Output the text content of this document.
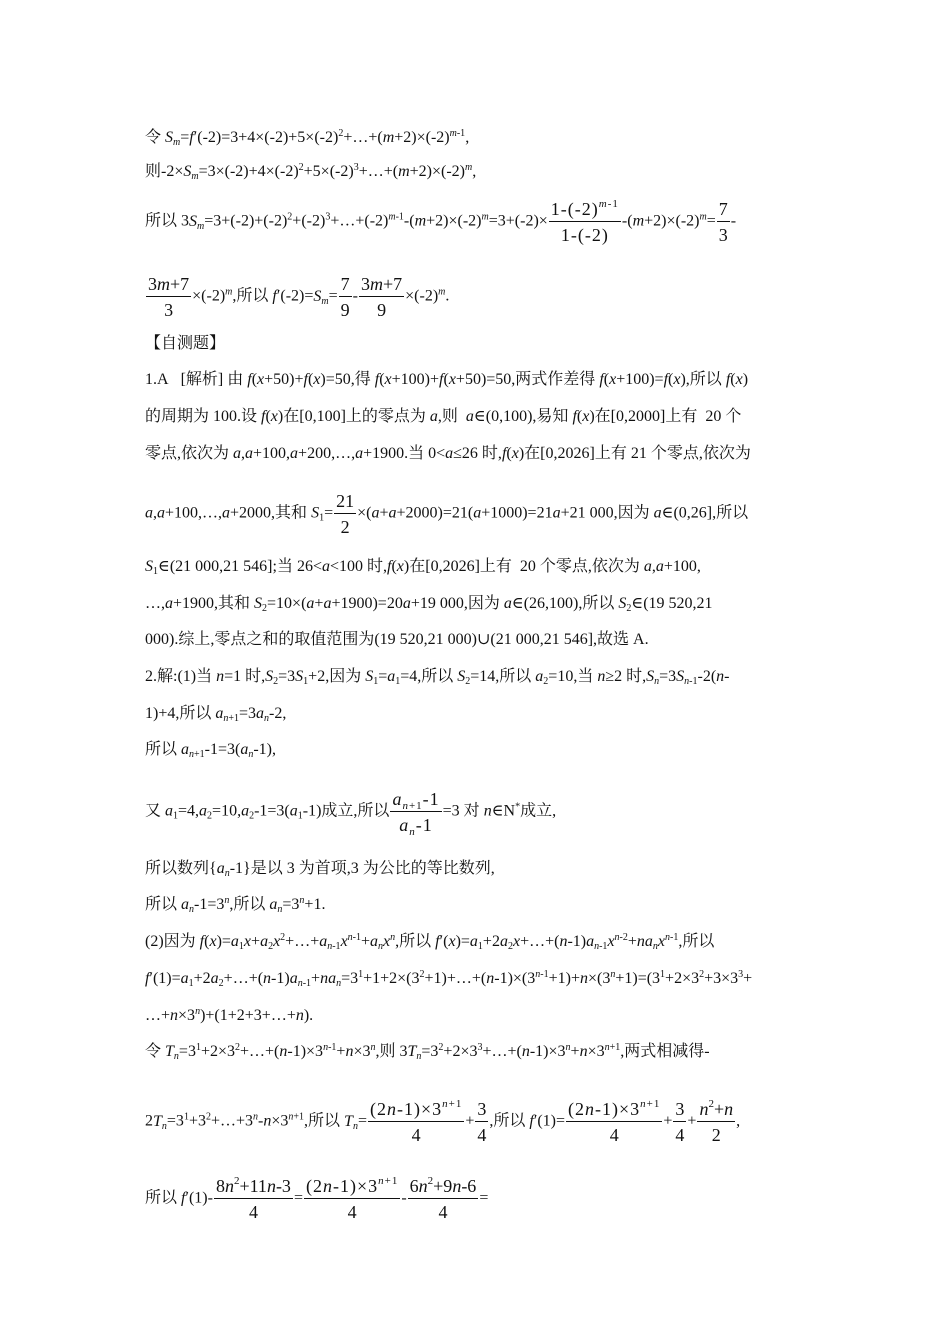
令 $S_m=f'(-2)=3+4\times(-2)+5\times(-2)^2+\dots+(m+2)\times(-2)^{m-1}$,
则$-2\times S_m=3\times(-2)+4\times(-2)^2+5\times(-2)^3+\dots+(m+2)\times(-2)^m$,
所以 $3S_m=3+(-2)+(-2)^2+(-2)^3+\dots+(-2)^{m-1}-(m+2)\times(-2)^m=3+(-2)\times \frac{1-(-2)^{m-1}}{1-(-2)} -(m+2)\times(-2)^m= \frac{7}{3}$ -
$\frac{3m+7}{3} \times(-2)^m$,所以 $f'(-2)=S_m= \frac{7}{9} - \frac{3m+7}{9} \times(-2)^m$.
【自测题】
1.A [解析] 由 f(x+50)+f(x)=50,得 f(x+100)+f(x+50)=50,两式作差得 f(x+100)=f(x),所以 f(x)
的周期为 100.设 f(x)在[0,100]上的零点为 a,则  a∈(0,100),易知 f(x)在[0,2000]上有  20 个
零点,依次为 a,a+100,a+200,…,a+1900.当 0<a≤26 时,f(x)在[0,2026]上有 21 个零点,依次为
a,a+100,…,a+2000,其和 $S_1= \frac{21}{2} \times(a+a+2000)=21(a+1000)=21a+21$ 000,因为 a∈(0,26],所以
$S_1\in(21$ 000,21 546];当 26<a<100 时,f(x)在[0,2026]上有  20 个零点,依次为 a,a+100,
…,a+1900,其和 $S_2=10\times(a+a+1900)=20a+19$ 000,因为 a∈(26,100),所以 $S_2\in(19$ 520,21
000).综上,零点之和的取值范围为(19 520,21 000)∪(21 000,21 546],故选 A.
2.解:(1)当 n=1 时$,S_2=3S_1+2$,因为 $S_1=a_1=4$,所以 $S_2=14$,所以 $a_2=10$,当 n≥2 时$,S_n=3S_{n-1}-2(n-$
1)+4,所以 $a_{n+1}=3a_n-2$,
所以 $a_{n+1}-1=3(a_n-1)$,
又 $a_1=4,a_2=10,a_2-1=3(a_1-1)$成立,所以 $\frac{a_{n+1}-1}{a_n-1} =3$ 对 n∈N*成立,
所以数列$\{a_n-1\}$是以 3 为首项,3 为公比的等比数列,
所以 $a_n-1=3^n$,所以 $a_n=3^n+1$.
(2)因为 $f(x)=a_1x+a_2x^2+\dots+a_{n-1}x^{n-1}+a_nx^n$,所以 $f'(x)=a_1+2a_2x+\dots+(n-1)a_{n-1}x^{n-2}+na_nx^{n-1}$,所以
$f'(1)=a_1+2a_2+\dots+(n-1)a_{n-1}+na_n=3^1+1+2\times(3^2+1)+\dots+(n-1)\times(3^{n-1}+1)+n\times(3^n+1)=(3^1+2\times 3^2+3\times 3^3+$
$\dots+n\times 3^n)+(1+2+3+\dots+n)$.
令 $T_n=3^1+2\times 3^2+\dots+(n-1)\times 3^{n-1}+n\times 3^n$,则 $3T_n=3^2+2\times 3^3+\dots+(n-1)\times 3^n+n\times 3^{n+1}$,两式相减得-
$2T_n=3^1+3^2+\dots+3^n-n\times 3^{n+1}$,所以 $T_n= \frac{(2n-1)\times 3^{n+1}}{4} + \frac{3}{4}$ ,所以 $f'(1)= \frac{(2n-1)\times 3^{n+1}}{4} + \frac{3}{4} + \frac{n^2+n}{2}$ ,
所以 $f'(1)- \frac{8n^2+11n-3}{4} = \frac{(2n-1)\times 3^{n+1}}{4} - \frac{6n^2+9n-6}{4}$ =
